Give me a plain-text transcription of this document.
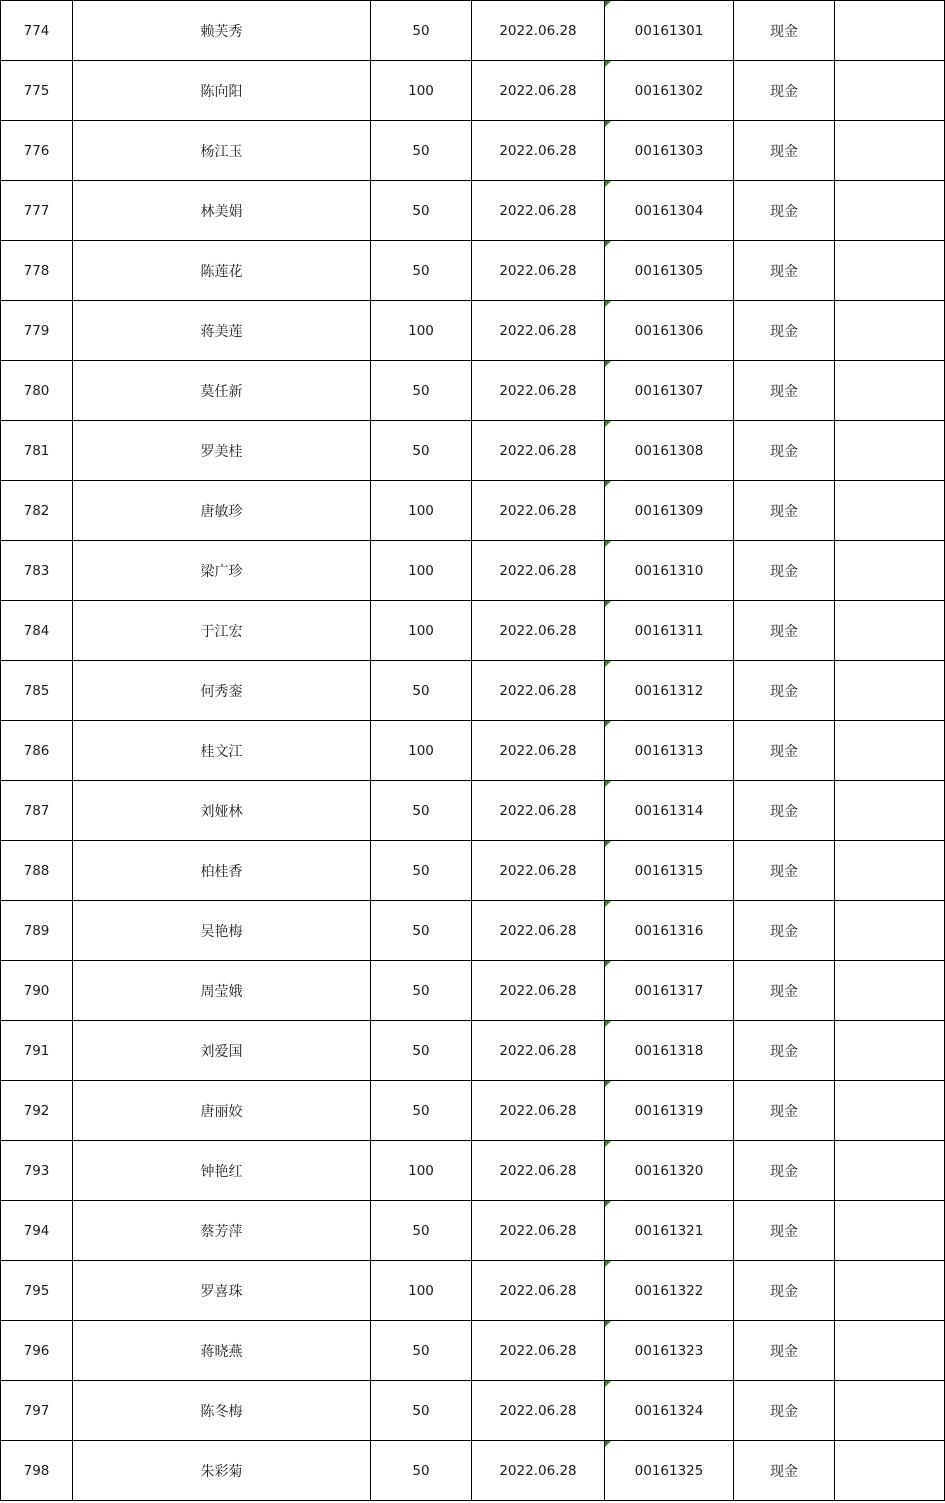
774	赖芙秀	50	2022.06.28	00161301	现金	
775	陈向阳	100	2022.06.28	00161302	现金	
776	杨江玉	50	2022.06.28	00161303	现金	
777	林美娟	50	2022.06.28	00161304	现金	
778	陈莲花	50	2022.06.28	00161305	现金	
779	蒋美莲	100	2022.06.28	00161306	现金	
780	莫任新	50	2022.06.28	00161307	现金	
781	罗美桂	50	2022.06.28	00161308	现金	
782	唐敏珍	100	2022.06.28	00161309	现金	
783	梁广珍	100	2022.06.28	00161310	现金	
784	于江宏	100	2022.06.28	00161311	现金	
785	何秀銮	50	2022.06.28	00161312	现金	
786	桂文江	100	2022.06.28	00161313	现金	
787	刘娅林	50	2022.06.28	00161314	现金	
788	柏桂香	50	2022.06.28	00161315	现金	
789	吴艳梅	50	2022.06.28	00161316	现金	
790	周莹娥	50	2022.06.28	00161317	现金	
791	刘爱国	50	2022.06.28	00161318	现金	
792	唐丽姣	50	2022.06.28	00161319	现金	
793	钟艳红	100	2022.06.28	00161320	现金	
794	蔡芳萍	50	2022.06.28	00161321	现金	
795	罗喜珠	100	2022.06.28	00161322	现金	
796	蒋晓燕	50	2022.06.28	00161323	现金	
797	陈冬梅	50	2022.06.28	00161324	现金	
798	朱彩菊	50	2022.06.28	00161325	现金	
